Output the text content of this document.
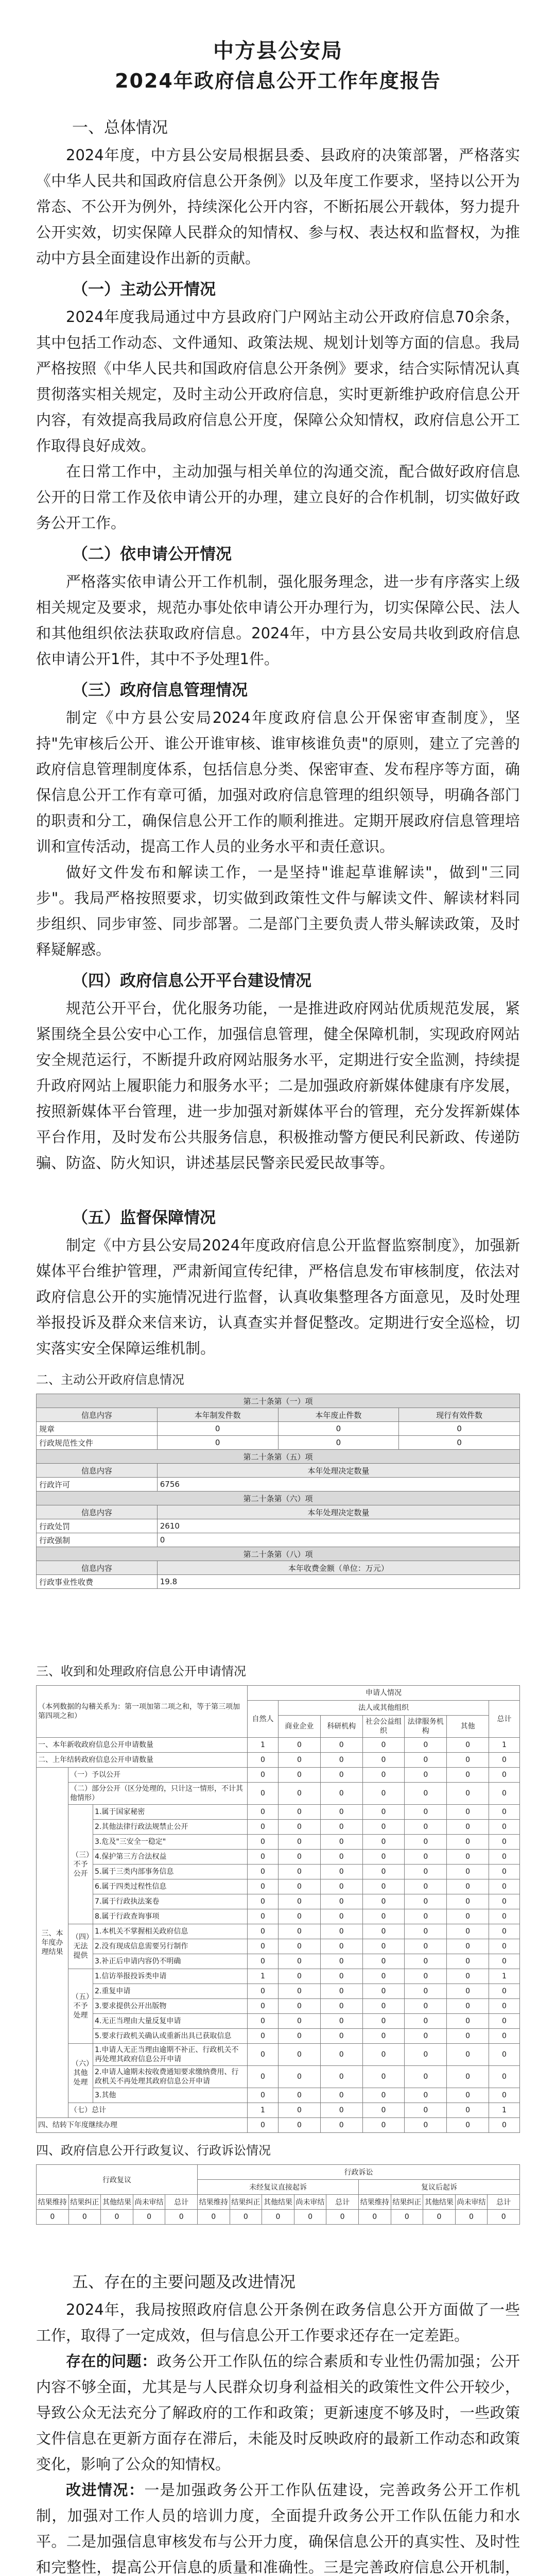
中方县公安局
2024年政府信息公开工作年度报告
一、总体情况

2024年度，中方县公安局根据县委、县政府的决策部署，严格落实《中华人民共和国政府信息公开条例》以及年度工作要求，坚持以公开为常态、不公开为例外，持续深化公开内容，不断拓展公开载体，努力提升公开实效，切实保障人民群众的知情权、参与权、表达权和监督权，为推动中方县全面建设作出新的贡献。

（一）主动公开情况

2024年度我局通过中方县政府门户网站主动公开政府信息70余条，其中包括工作动态、文件通知、政策法规、规划计划等方面的信息。我局严格按照《中华人民共和国政府信息公开条例》要求，结合实际情况认真贯彻落实相关规定，及时主动公开政府信息，实时更新维护政府信息公开内容，有效提高我局政府信息公开度，保障公众知情权，政府信息公开工作取得良好成效。

在日常工作中，主动加强与相关单位的沟通交流，配合做好政府信息公开的日常工作及依申请公开的办理，建立良好的合作机制，切实做好政务公开工作。

（二）依申请公开情况

严格落实依申请公开工作机制，强化服务理念，进一步有序落实上级相关规定及要求，规范办事处依申请公开办理行为，切实保障公民、法人和其他组织依法获取政府信息。2024年，中方县公安局共收到政府信息依申请公开1件，其中不予处理1件。

（三）政府信息管理情况

制定《中方县公安局2024年度政府信息公开保密审查制度》，坚持"先审核后公开、谁公开谁审核、谁审核谁负责"的原则，建立了完善的政府信息管理制度体系，包括信息分类、保密审查、发布程序等方面，确保信息公开工作有章可循，加强对政府信息管理的组织领导，明确各部门的职责和分工，确保信息公开工作的顺利推进。定期开展政府信息管理培训和宣传活动，提高工作人员的业务水平和责任意识。

做好文件发布和解读工作，一是坚持"谁起草谁解读"，做到"三同步"。我局严格按照要求，切实做到政策性文件与解读文件、解读材料同步组织、同步审签、同步部署。二是部门主要负责人带头解读政策，及时释疑解惑。

（四）政府信息公开平台建设情况

规范公开平台，优化服务功能，一是推进政府网站优质规范发展，紧紧围绕全县公安中心工作，加强信息管理，健全保障机制，实现政府网站安全规范运行，不断提升政府网站服务水平，定期进行安全监测，持续提升政府网站上履职能力和服务水平；二是加强政府新媒体健康有序发展，按照新媒体平台管理，进一步加强对新媒体平台的管理，充分发挥新媒体平台作用，及时发布公共服务信息，积极推动警方便民利民新政、传递防骗、防盗、防火知识，讲述基层民警亲民爱民故事等。

（五）监督保障情况

制定《中方县公安局2024年度政府信息公开监督监察制度》，加强新媒体平台维护管理，严肃新闻宣传纪律，严格信息发布审核制度，依法对政府信息公开的实施情况进行监督，认真收集整理各方面意见，及时处理举报投诉及群众来信来访，认真查实并督促整改。定期进行安全巡检，切实落实安全保障运维机制。

二、主动公开政府信息情况
第二十条第（一）项			
信息内容	本年制发件数	本年废止件数	现行有效件数
规章	0	0	0
行政规范性文件	0	0	0
第二十条第（五）项			
信息内容	本年处理决定数量		
行政许可	6756		
第二十条第（六）项			
信息内容	本年处理决定数量		
行政处罚	2610		
行政强制	0		
第二十条第（八）项			
信息内容	本年收费金额（单位：万元）		
行政事业性收费	19.8		
三、收到和处理政府信息公开申请情况
（本列数据的勾稽关系为：第一项加第二项之和，等于第三项加第四项之和）			申请人情况						
			自然人	法人或其他组织					总计
				商业企业	科研机构	社会公益组织	法律服务机构	其他	
一、本年新收政府信息公开申请数量			1	0	0	0	0	0	1
二、上年结转政府信息公开申请数量			0	0	0	0	0	0	0
三、本年度办理结果	（一）予以公开		0	0	0	0	0	0	0
	（二）部分公开（区分处理的，只计这一情形，不计其他情形）		0	0	0	0	0	0	0
	（三）不予公开	1.属于国家秘密	0	0	0	0	0	0	0
		2.其他法律行政法规禁止公开	0	0	0	0	0	0	0
		3.危及"三安全一稳定"	0	0	0	0	0	0	0
		4.保护第三方合法权益	0	0	0	0	0	0	0
		5.属于三类内部事务信息	0	0	0	0	0	0	0
		6.属于四类过程性信息	0	0	0	0	0	0	0
		7.属于行政执法案卷	0	0	0	0	0	0	0
		8.属于行政查询事项	0	0	0	0	0	0	0
	（四）无法提供	1.本机关不掌握相关政府信息	0	0	0	0	0	0	0
		2.没有现成信息需要另行制作	0	0	0	0	0	0	0
		3.补正后申请内容仍不明确	0	0	0	0	0	0	0
	（五）不予处理	1.信访举报投诉类申请	1	0	0	0	0	0	1
		2.重复申请	0	0	0	0	0	0	0
		3.要求提供公开出版物	0	0	0	0	0	0	0
		4.无正当理由大量反复申请	0	0	0	0	0	0	0
		5.要求行政机关确认或重新出具已获取信息	0	0	0	0	0	0	0
	（六）其他处理	1.申请人无正当理由逾期不补正、行政机关不再处理其政府信息公开申请	0	0	0	0	0	0	0
		2.申请人逾期未按收费通知要求缴纳费用、行政机关不再处理其政府信息公开申请	0	0	0	0	0	0	0
		3.其他	0	0	0	0	0	0	0
	（七）总计		1	0	0	0	0	0	1
四、结转下年度继续办理			0	0	0	0	0	0	0
四、政府信息公开行政复议、行政诉讼情况
行政复议					行政诉讼									
					未经复议直接起诉					复议后起诉				
结果维持	结果纠正	其他结果	尚未审结	总计	结果维持	结果纠正	其他结果	尚未审结	总计	结果维持	结果纠正	其他结果	尚未审结	总计
0	0	0	0	0	0	0	0	0	0	0	0	0	0	0
五、存在的主要问题及改进情况

2024年，我局按照政府信息公开条例在政务信息公开方面做了一些工作，取得了一定成效，但与信息公开工作要求还存在一定差距。

存在的问题：政务公开工作队伍的综合素质和专业性仍需加强；公开内容不够全面，尤其是与人民群众切身利益相关的政策性文件公开较少，导致公众无法充分了解政府的工作和政策；更新速度不够及时，一些政策文件信息在更新方面存在滞后，未能及时反映政府的最新工作动态和政策变化，影响了公众的知情权。

改进情况：一是加强政务公开工作队伍建设，完善政务公开工作机制，加强对工作人员的培训力度，全面提升政务公开工作队伍能力和水平。二是加强信息审核发布与公开力度，确保信息公开的真实性、及时性和完整性，提高公开信息的质量和准确性。三是完善政府信息公开机制，
